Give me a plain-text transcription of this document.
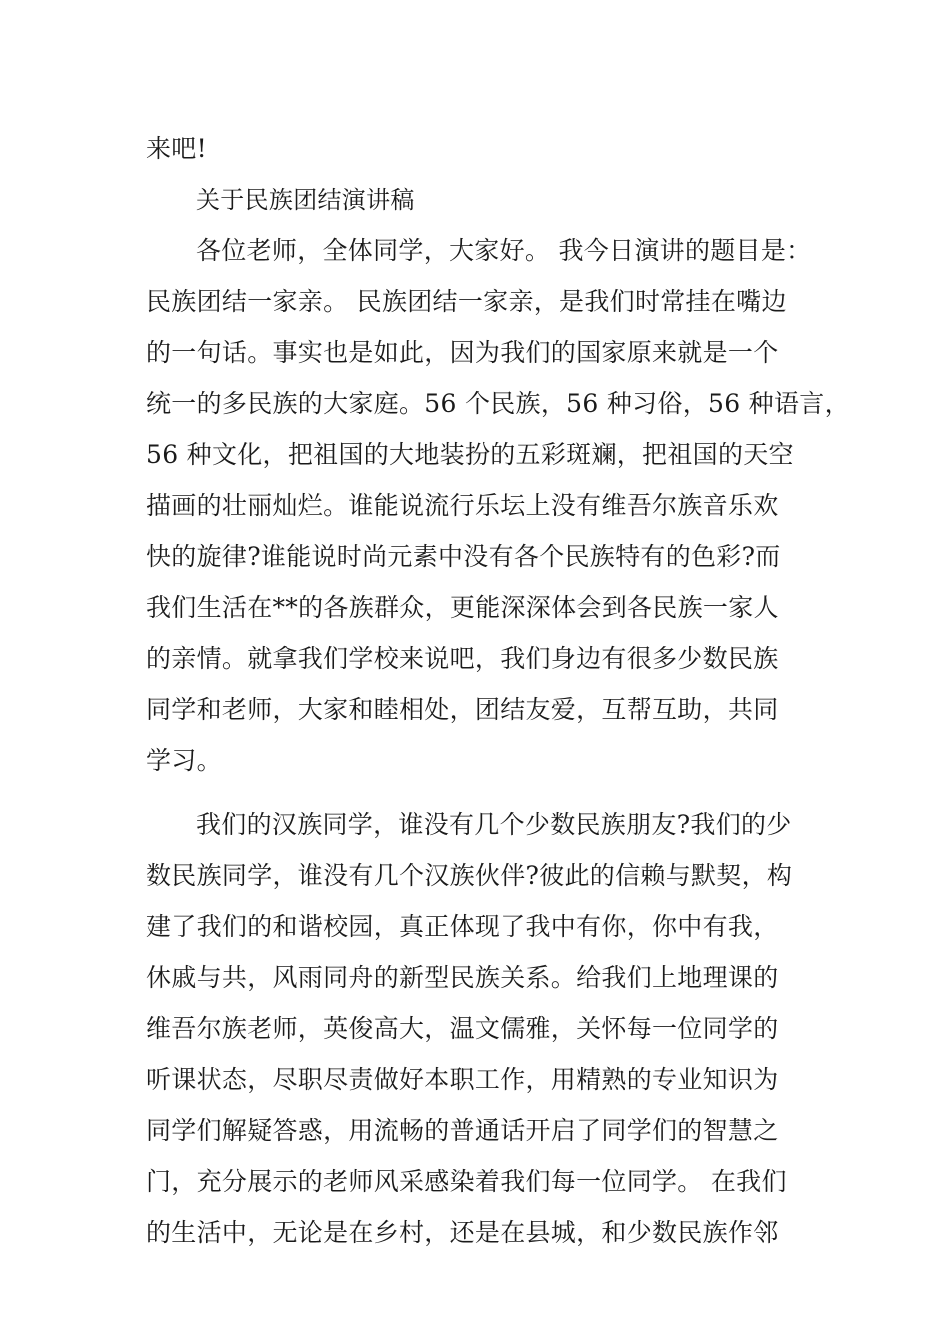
来吧!
关于民族团结演讲稿
各位老师，全体同学，大家好。 我今日演讲的题目是：
民族团结一家亲。 民族团结一家亲，是我们时常挂在嘴边
的一句话。事实也是如此，因为我们的国家原来就是一个
统一的多民族的大家庭。56 个民族，56 种习俗，56 种语言，
56 种文化，把祖国的大地装扮的五彩斑斓，把祖国的天空
描画的壮丽灿烂。谁能说流行乐坛上没有维吾尔族音乐欢
快的旋律?谁能说时尚元素中没有各个民族特有的色彩?而
我们生活在**的各族群众，更能深深体会到各民族一家人
的亲情。就拿我们学校来说吧，我们身边有很多少数民族
同学和老师，大家和睦相处，团结友爱，互帮互助，共同
学习。
我们的汉族同学，谁没有几个少数民族朋友?我们的少
数民族同学，谁没有几个汉族伙伴?彼此的信赖与默契，构
建了我们的和谐校园，真正体现了我中有你，你中有我，
休戚与共，风雨同舟的新型民族关系。给我们上地理课的
维吾尔族老师，英俊高大，温文儒雅，关怀每一位同学的
听课状态，尽职尽责做好本职工作，用精熟的专业知识为
同学们解疑答惑，用流畅的普通话开启了同学们的智慧之
门，充分展示的老师风采感染着我们每一位同学。 在我们
的生活中，无论是在乡村，还是在县城，和少数民族作邻
